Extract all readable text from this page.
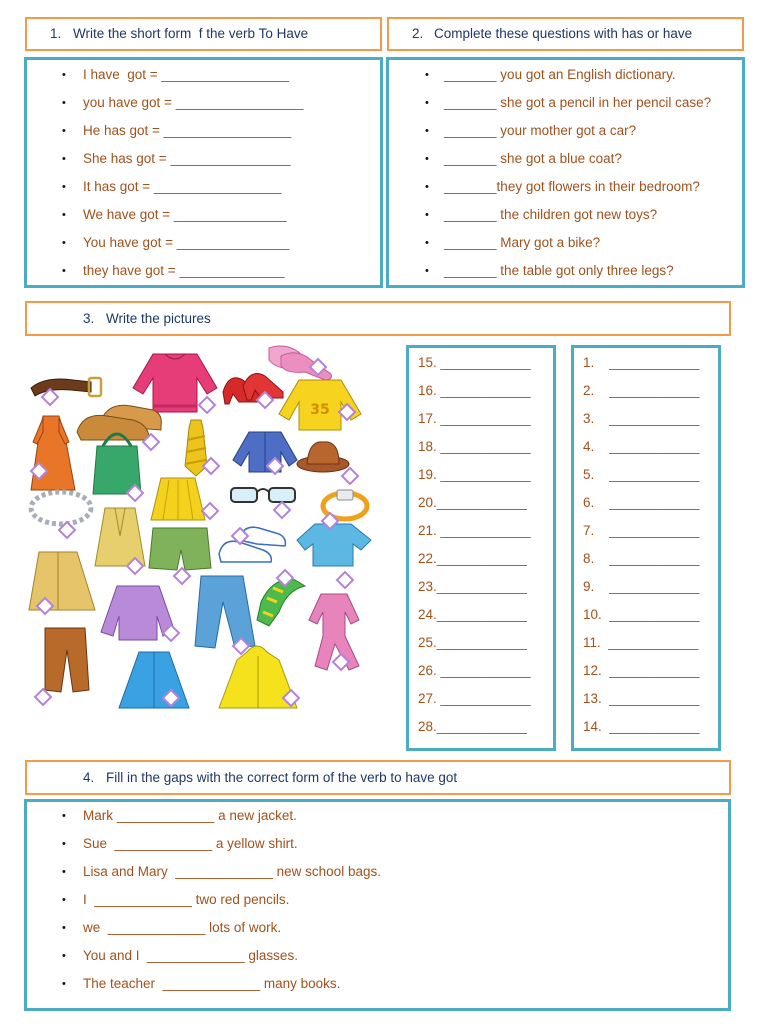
1. Write the short form  f the verb To Have	2. Complete these questions with has or have
•
I have  got = _________________
•
you have got = _________________
•
He has got = _________________
•
She has got = ________________
•
It has got = _________________
•
We have got = _______________
•
You have got = _______________
•
they have got = ______________
•
_______ you got an English dictionary.
•
_______ she got a pencil in her pencil case?
•
_______ your mother got a car?
•
_______ she got a blue coat?
•
_______they got flowers in their bedroom?
•
_______ the children got new toys?
•
_______ Mary got a bike?
•
_______ the table got only three legs?
3. Write the pictures
35
15. ____________
16. ____________
17. ____________
18. ____________
19. ____________
20.____________
21. ____________
22.____________
23.____________
24.____________
25.____________
26. ____________
27. ____________
28.____________
1.    ____________
2.    ____________
3.    ____________
4.    ____________
5.    ____________
6.    ____________
7.    ____________
8.    ____________
9.    ____________
10.  ____________
11.  ____________
12.  ____________
13.  ____________
14.  ____________
4. Fill in the gaps with the correct form of the verb to have got
•
Mark _____________ a new jacket.
•
Sue  _____________ a yellow shirt.
•
Lisa and Mary  _____________ new school bags.
•
I  _____________ two red pencils.
•
we  _____________ lots of work.
•
You and I  _____________ glasses.
•
The teacher  _____________ many books.
